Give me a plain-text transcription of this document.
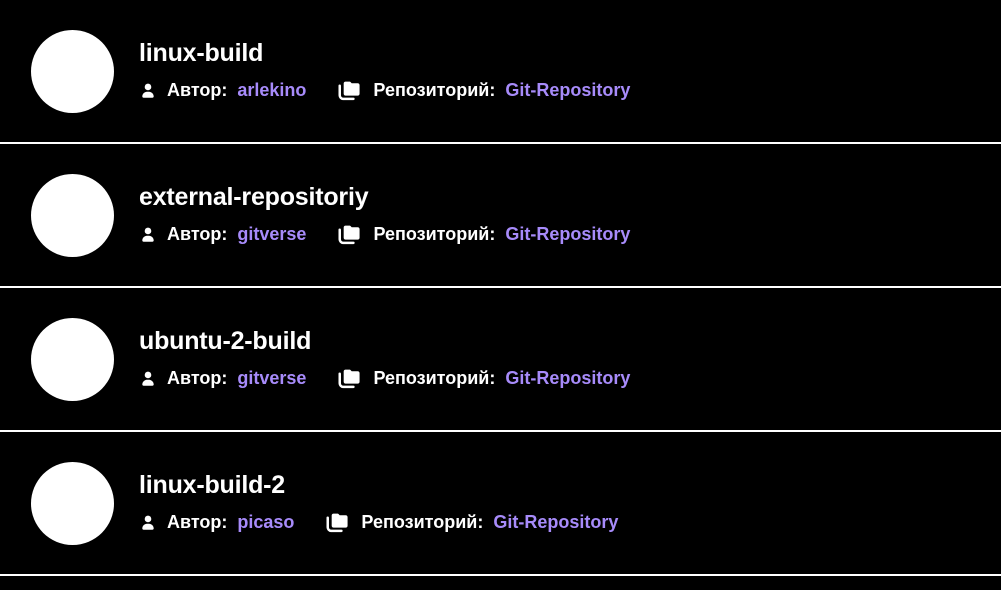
linux-build
Автор: arlekino	Репозиторий: Git-Repository
external-repositoriy
Автор: gitverse	Репозиторий: Git-Repository
ubuntu-2-build
Автор: gitverse	Репозиторий: Git-Repository
linux-build-2
Автор: picaso	Репозиторий: Git-Repository
